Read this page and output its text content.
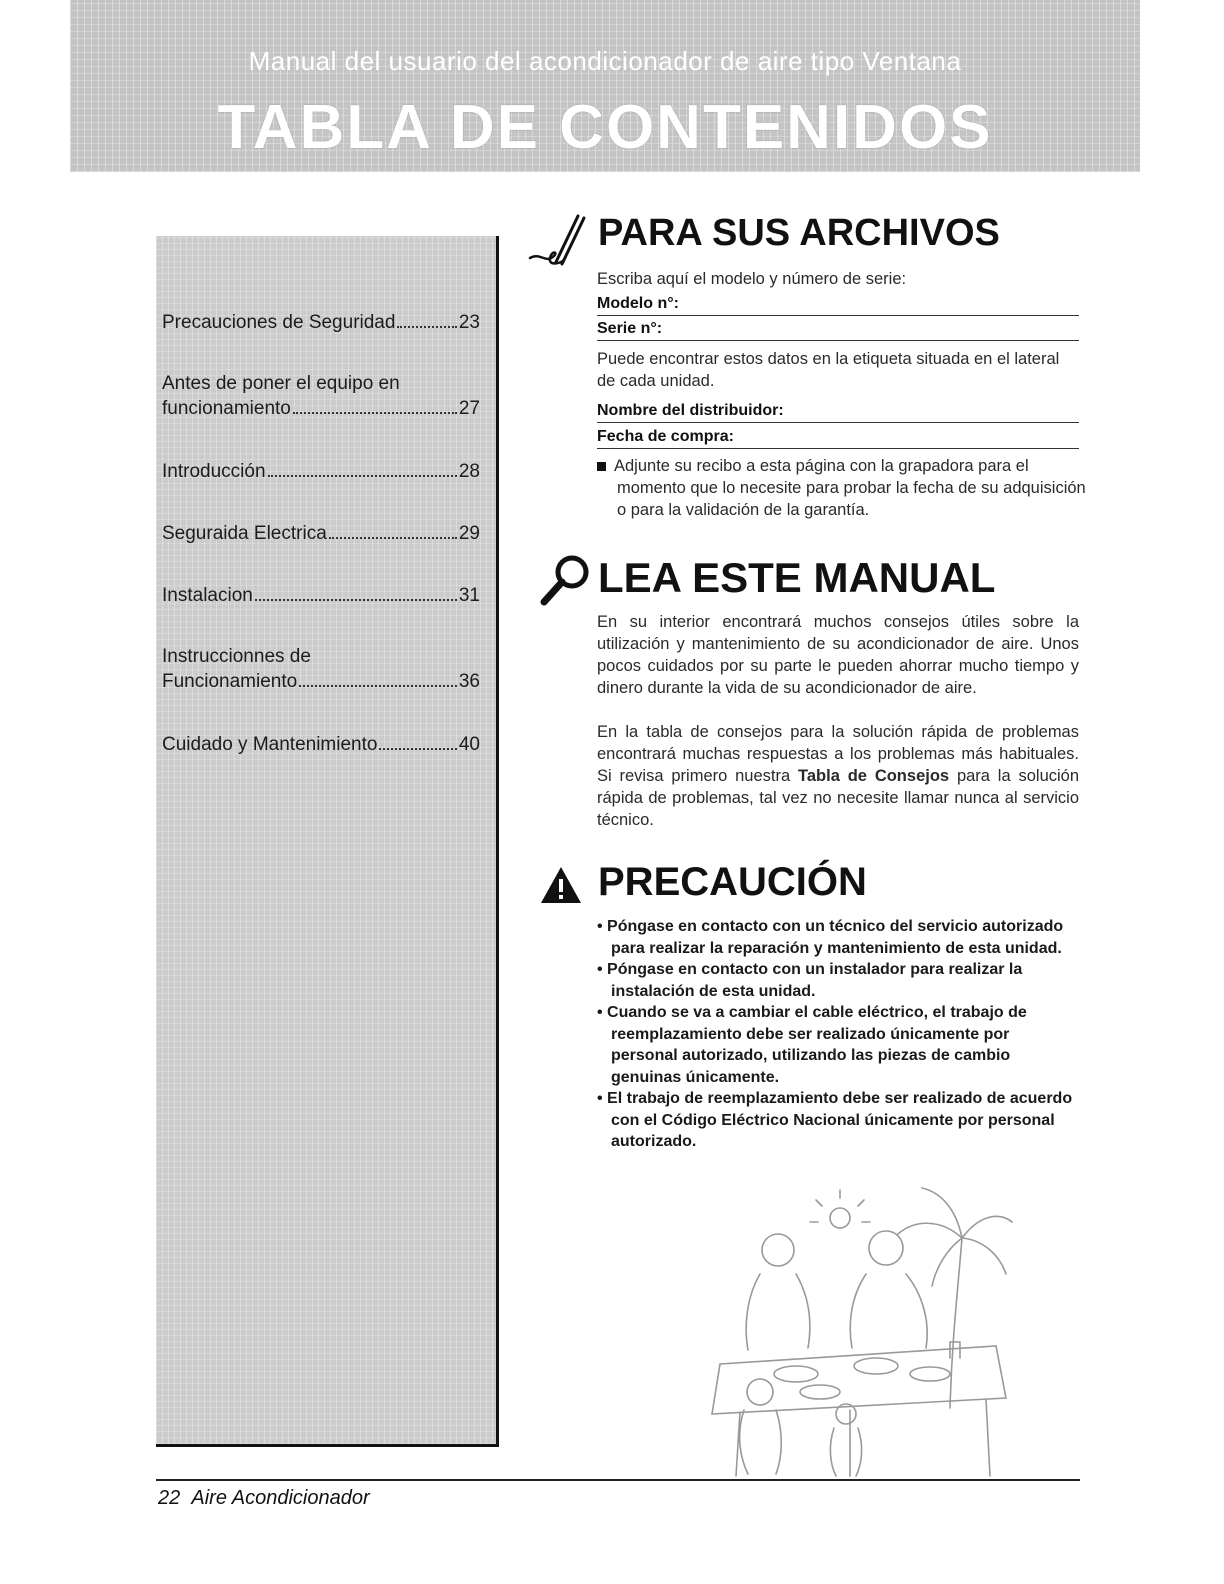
Manual del usuario del acondicionador de aire tipo Ventana
TABLA DE CONTENIDOS
Precauciones de Seguridad	23
Antes de poner el equipo en
funcionamiento	27
Introducción	28
Seguraida Electrica	29
Instalacion	31
Instruccionnes de
Funcionamiento	36
Cuidado y Mantenimiento	40
PARA SUS ARCHIVOS
Escriba aquí el modelo y número de serie:
Modelo n°:
Serie n°:
Puede encontrar estos datos en la etiqueta situada en el lateral de cada unidad.
Nombre del distribuidor:
Fecha de compra:
Adjunte su recibo a esta página con la grapadora para el momento que lo necesite para probar la fecha de su adquisición o para la validación de la garantía.
LEA ESTE MANUAL
En su interior encontrará muchos consejos útiles sobre la utilización y mantenimiento de su acondicionador de aire. Unos pocos cuidados por su parte le pueden ahorrar mucho tiempo y dinero durante la vida de su acondicionador de aire.
En la tabla de consejos para la solución rápida de problemas encontrará muchas respuestas a los problemas más habituales. Si revisa primero nuestra Tabla de Consejos para la solución rápida de problemas, tal vez no necesite llamar nunca al servicio técnico.
PRECAUCIÓN
• Póngase en contacto con un técnico del servicio autorizado para realizar la reparación y mantenimiento de esta unidad.
• Póngase en contacto con un instalador para realizar la instalación de esta unidad.
• Cuando se va a cambiar el cable eléctrico, el trabajo de reemplazamiento debe ser realizado únicamente por personal autorizado, utilizando las piezas de cambio genuinas únicamente.
• El trabajo de reemplazamiento debe ser realizado de acuerdo con el Código Eléctrico Nacional únicamente por personal autorizado.
22 Aire Acondicionador
